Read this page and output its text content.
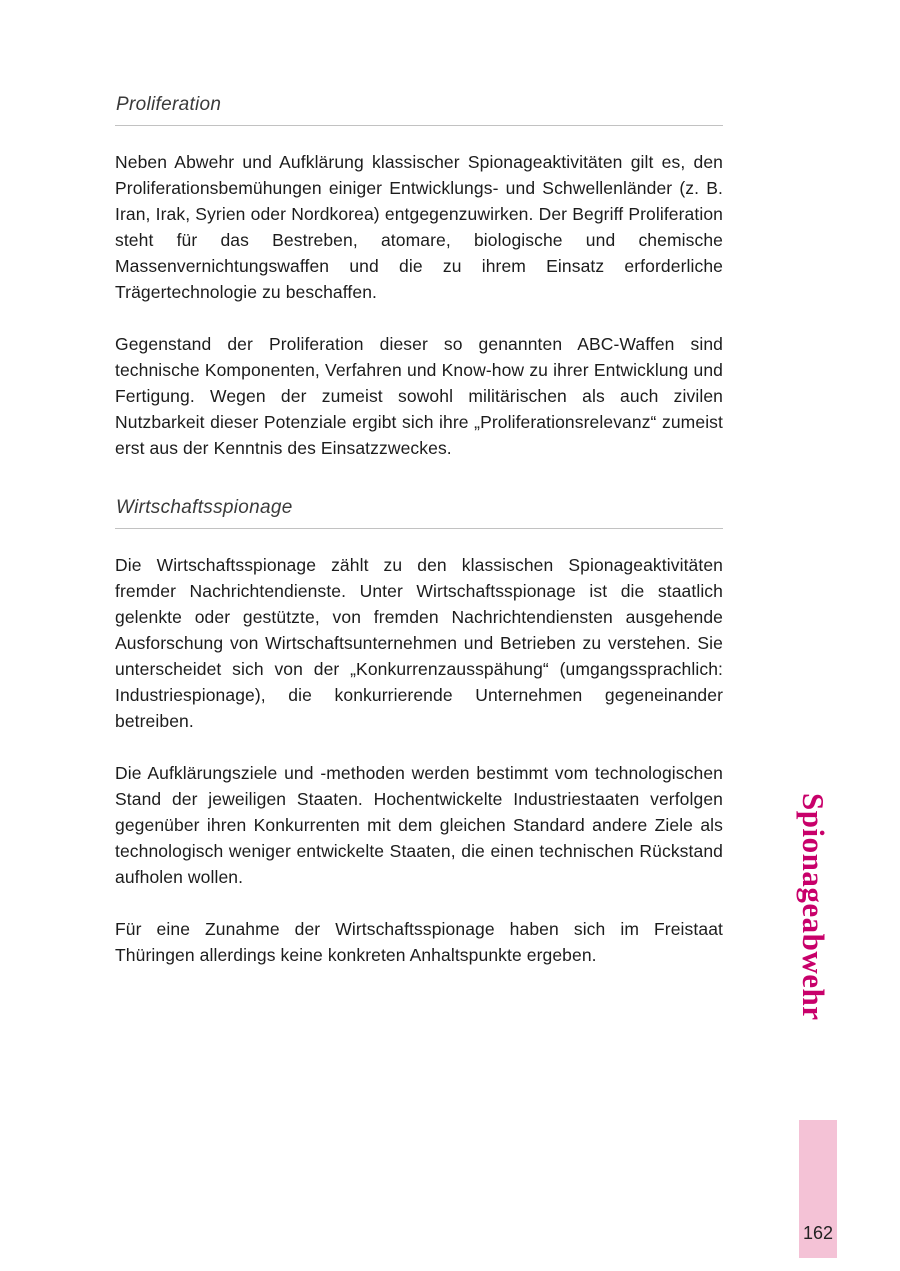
Proliferation

Neben Abwehr und Aufklärung klassischer Spionageaktivitäten gilt es, den Proliferationsbemühungen einiger Entwicklungs- und Schwellenländer (z. B. Iran, Irak, Syrien oder Nordkorea) entgegenzuwirken. Der Begriff Proliferation steht für das Bestreben, atomare, biologische und chemische Massenvernichtungswaffen und die zu ihrem Einsatz erforderliche Trägertechnologie zu beschaffen.

Gegenstand der Proliferation dieser so genannten ABC-Waffen sind technische Komponenten, Verfahren und Know-how zu ihrer Entwicklung und Fertigung. Wegen der zumeist sowohl militärischen als auch zivilen Nutzbarkeit dieser Potenziale ergibt sich ihre „Proliferationsrelevanz“ zumeist erst aus der Kenntnis des Einsatzzweckes.

Wirtschaftsspionage

Die Wirtschaftsspionage zählt zu den klassischen Spionageaktivitäten fremder Nachrichtendienste. Unter Wirtschaftsspionage ist die staatlich gelenkte oder gestützte, von fremden Nachrichtendiensten ausgehende Ausforschung von Wirtschaftsunternehmen und Betrieben zu verstehen. Sie unterscheidet sich von der „Konkurrenzausspähung“ (umgangssprachlich: Industriespionage), die konkurrierende Unternehmen gegeneinander betreiben.

Die Aufklärungsziele und -methoden werden bestimmt vom technologischen Stand der jeweiligen Staaten. Hochentwickelte Industriestaaten verfolgen gegenüber ihren Konkurrenten mit dem gleichen Standard andere Ziele als technologisch weniger entwickelte Staaten, die einen technischen Rückstand aufholen wollen.

Für eine Zunahme der Wirtschaftsspionage haben sich im Freistaat Thüringen allerdings keine konkreten Anhaltspunkte ergeben.	Spionageabwehr
162
